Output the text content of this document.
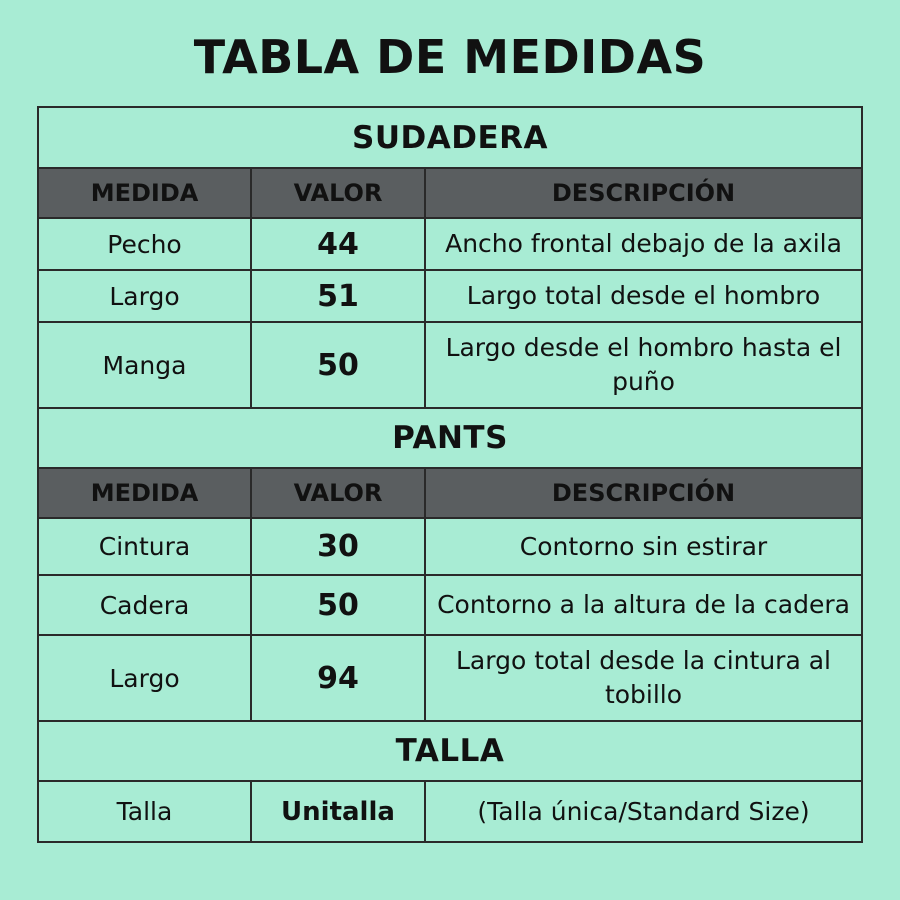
TABLA DE MEDIDAS
SUDADERA		
MEDIDA	VALOR	DESCRIPCIÓN
Pecho	44	Ancho frontal debajo de la axila
Largo	51	Largo total desde el hombro
Manga	50	Largo desde el hombro hasta el puño
PANTS		
MEDIDA	VALOR	DESCRIPCIÓN
Cintura	30	Contorno sin estirar
Cadera	50	Contorno a la altura de la cadera
Largo	94	Largo total desde la cintura al tobillo
TALLA		
Talla	Unitalla	(Talla única/Standard Size)
